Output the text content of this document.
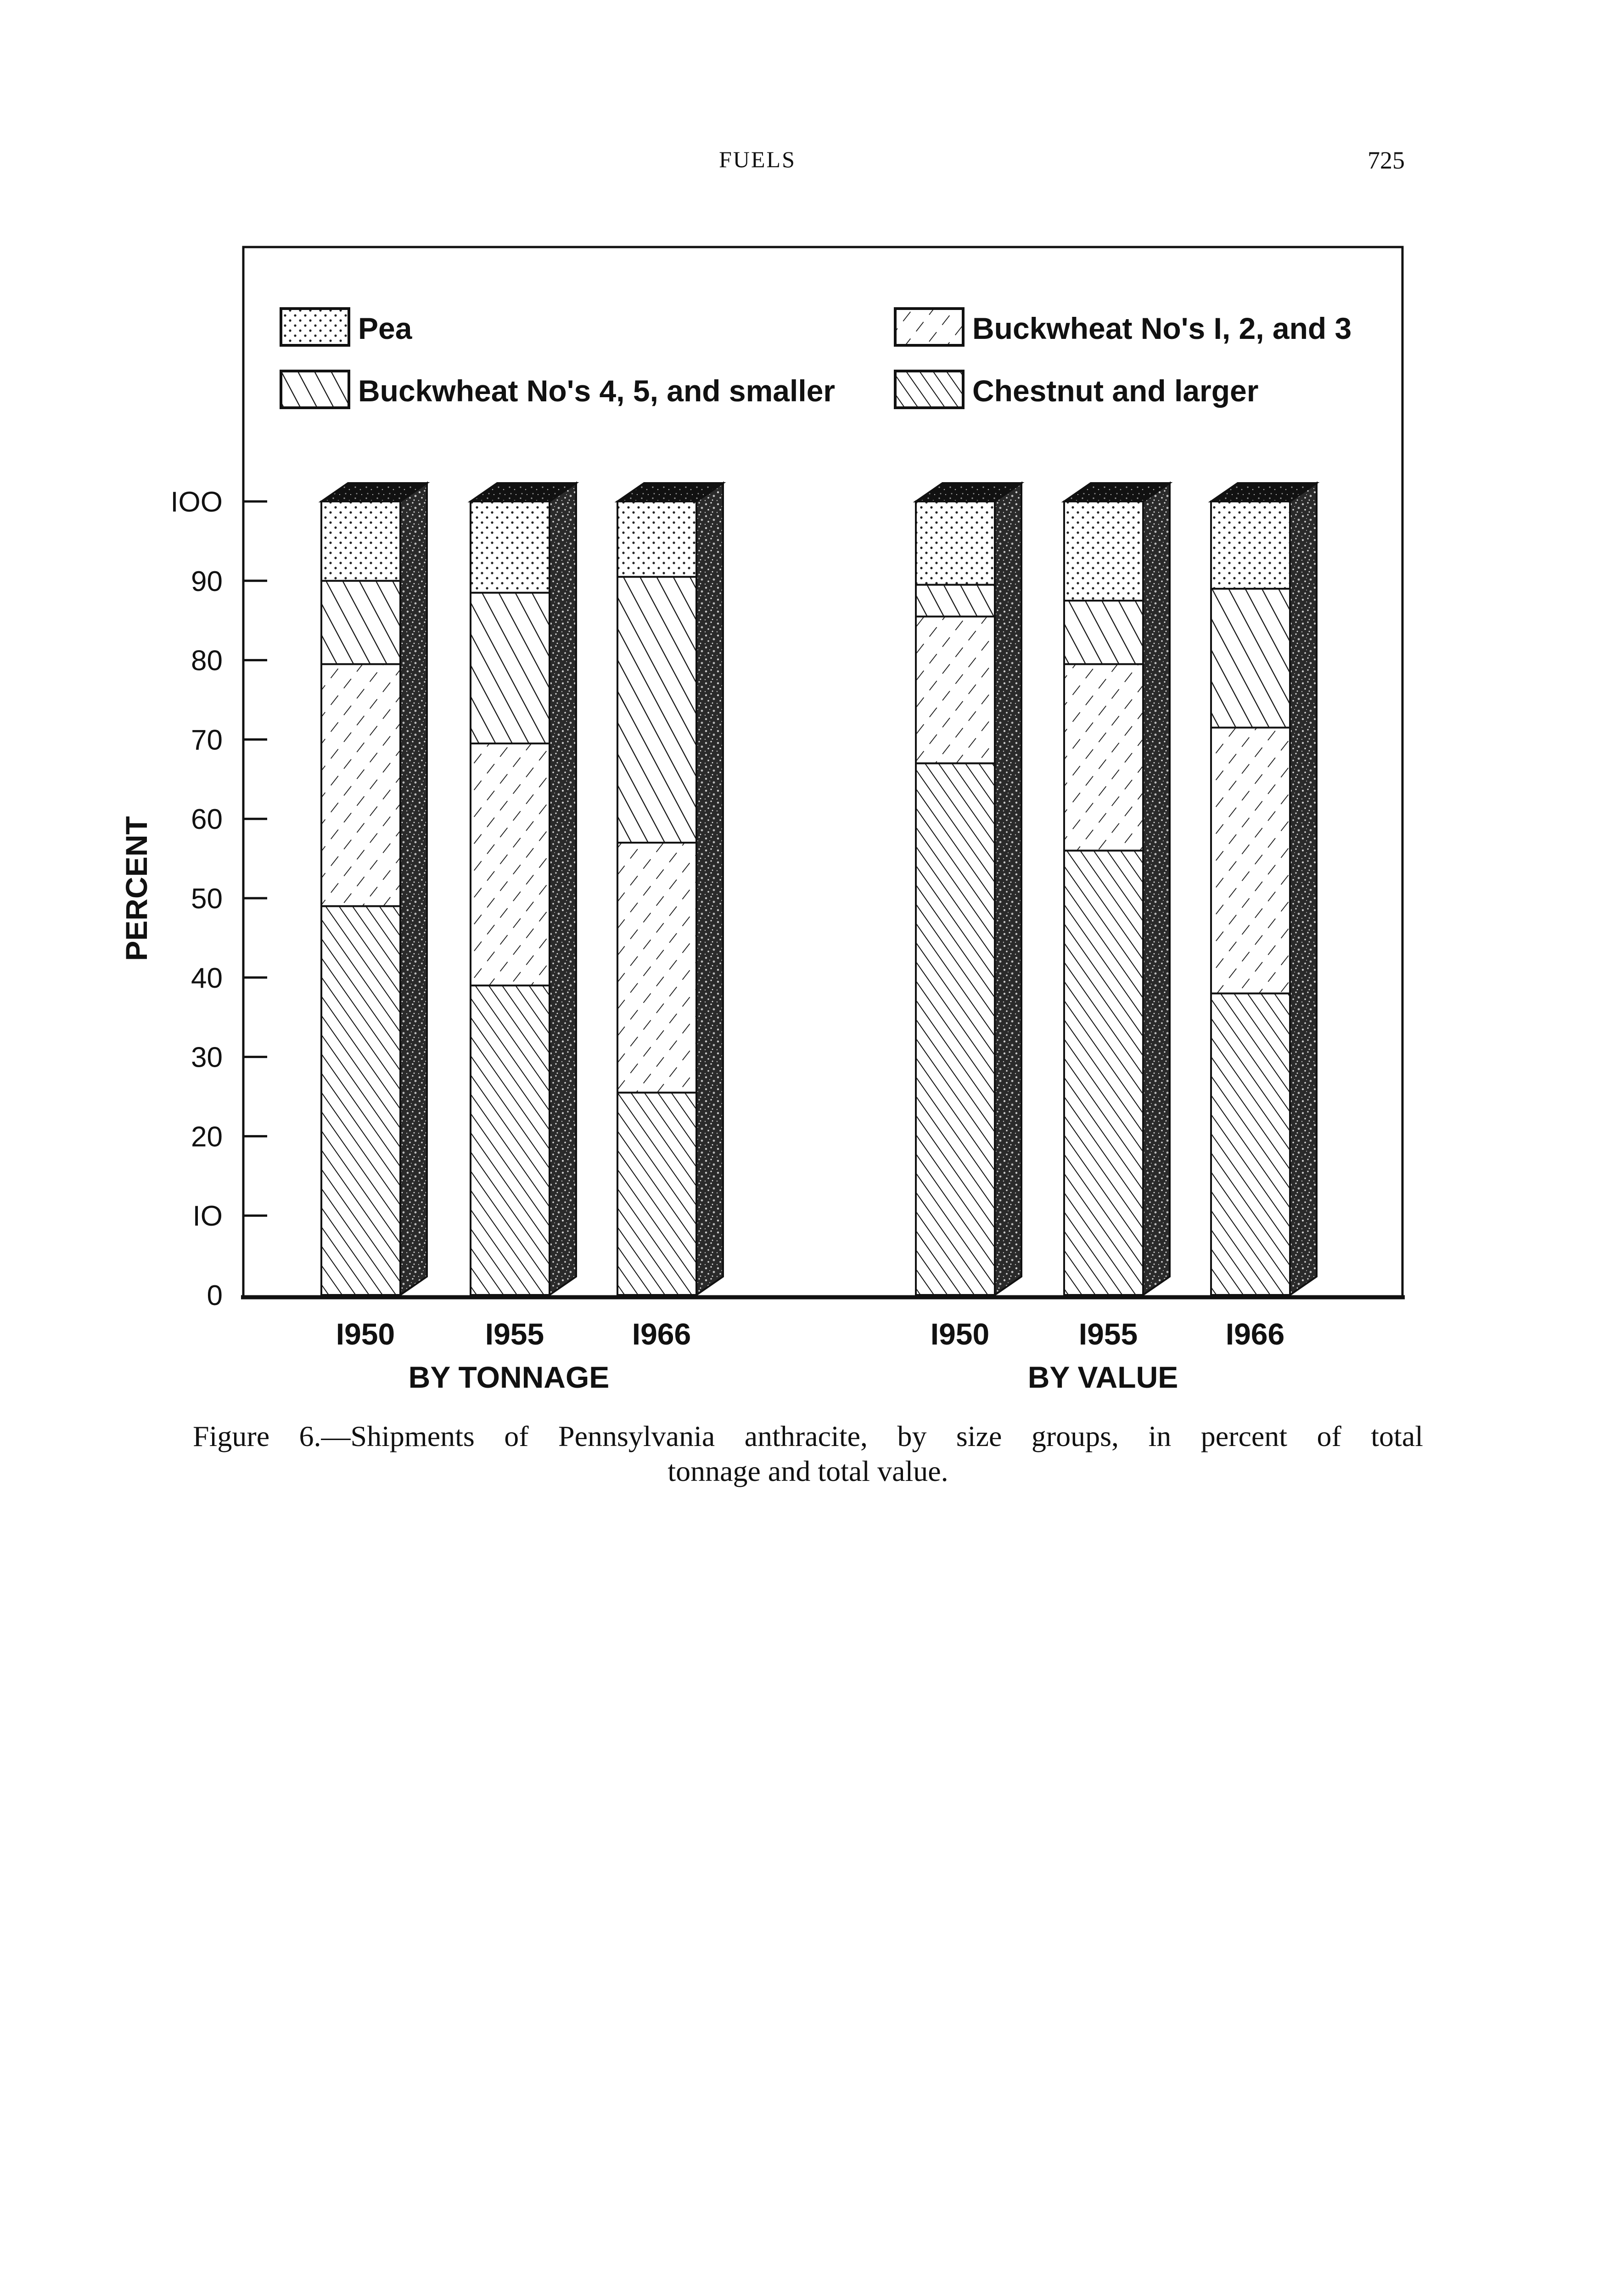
FUELS	725
Pea	Buckwheat No's I, 2, and 3
Buckwheat No's 4, 5, and smaller	Chestnut and larger
0
IO
20
30
40
50
60
70
80
90
IOO
PERCENT
I950	I955	I966
BY TONNAGE
I950	I955	I966
BY VALUE
Figure 6.—Shipments of Pennsylvania anthracite, by size groups, in percent of total
tonnage and total value.
